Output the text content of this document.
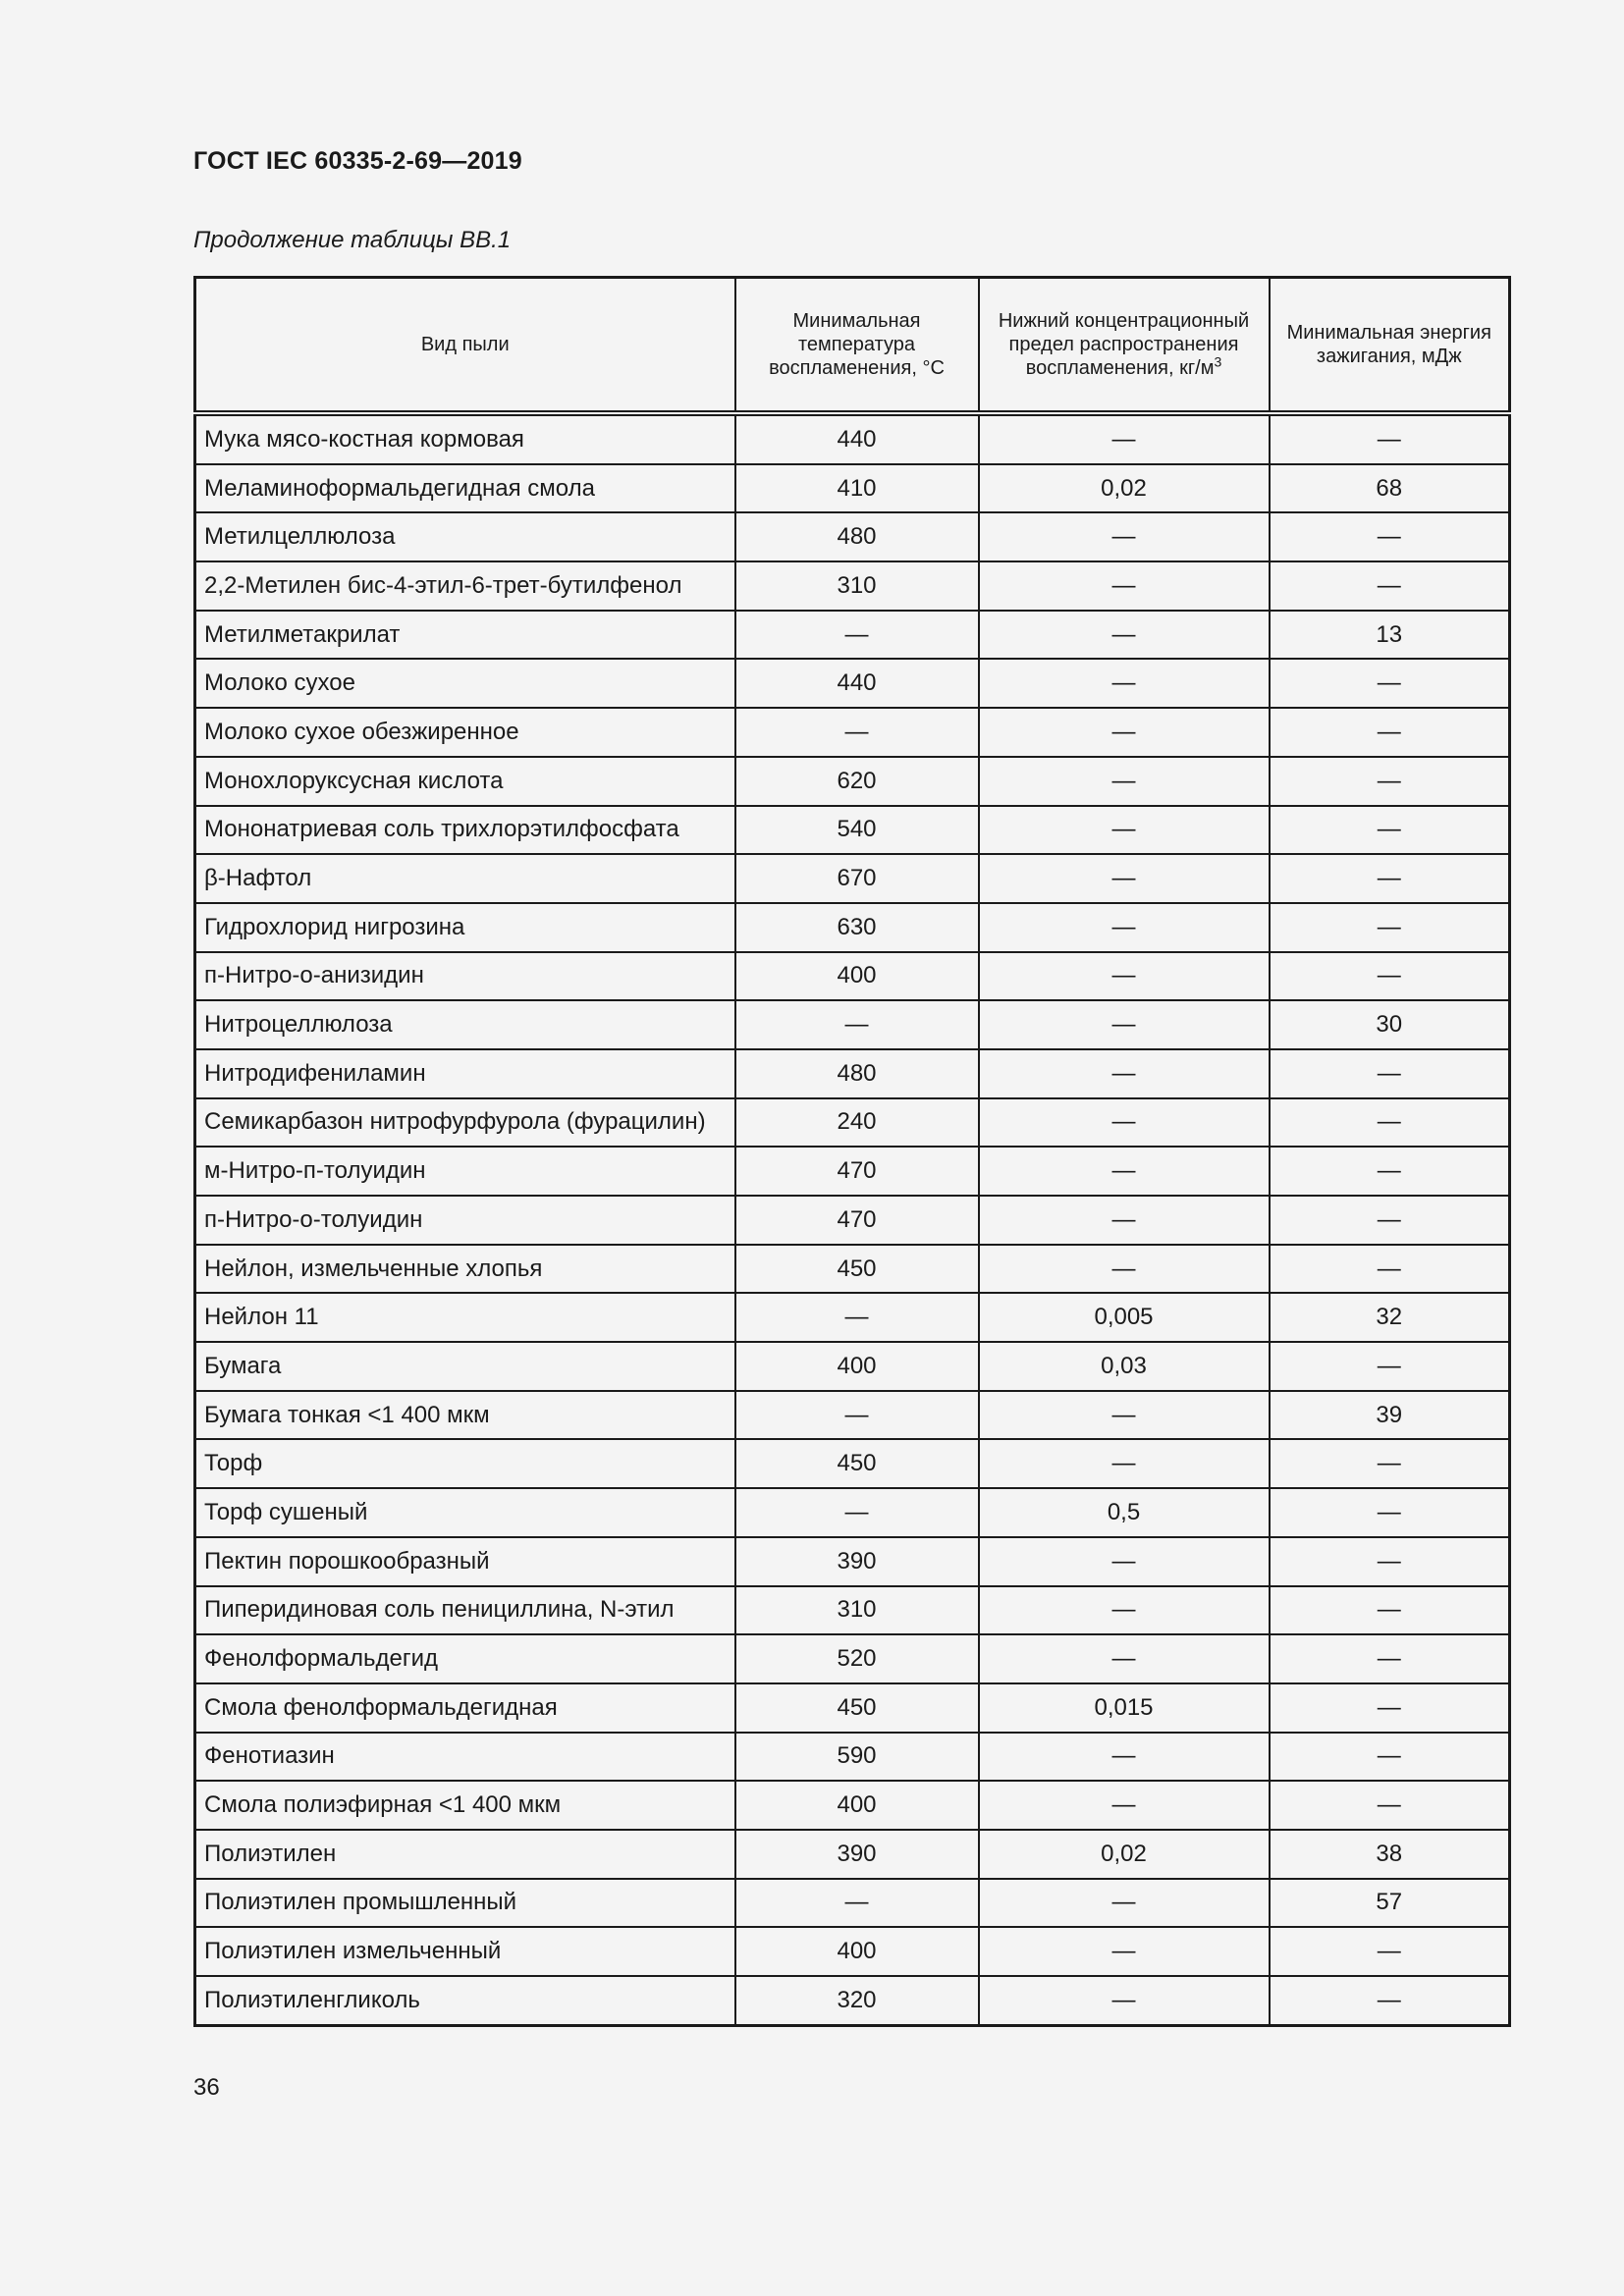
ГОСТ IEC 60335-2-69—2019
Продолжение таблицы ВВ.1
Вид пыли	Минимальная температура воспламенения, °С	Нижний концентрационный предел распространения воспламенения, $кг/м^3$	Минимальная энергия зажигания, мДж
Мука мясо-костная кормовая	440	—	—
Меламиноформальдегидная смола	410	0,02	68
Метилцеллюлоза	480	—	—
2,2-Метилен бис-4-этил-6-трет-бутилфенол	310	—	—
Метилметакрилат	—	—	13
Молоко сухое	440	—	—
Молоко сухое обезжиренное	—	—	—
Монохлоруксусная кислота	620	—	—
Мононатриевая соль трихлорэтилфосфата	540	—	—
β-Нафтол	670	—	—
Гидрохлорид нигрозина	630	—	—
п-Нитро-о-анизидин	400	—	—
Нитроцеллюлоза	—	—	30
Нитродифениламин	480	—	—
Семикарбазон нитрофурфурола (фурацилин)	240	—	—
м-Нитро-п-толуидин	470	—	—
п-Нитро-о-толуидин	470	—	—
Нейлон, измельченные хлопья	450	—	—
Нейлон 11	—	0,005	32
Бумага	400	0,03	—
Бумага тонкая <1 400 мкм	—	—	39
Торф	450	—	—
Торф сушеный	—	0,5	—
Пектин порошкообразный	390	—	—
Пиперидиновая соль пенициллина, N-этил	310	—	—
Фенолформальдегид	520	—	—
Смола фенолформальдегидная	450	0,015	—
Фенотиазин	590	—	—
Смола полиэфирная <1 400 мкм	400	—	—
Полиэтилен	390	0,02	38
Полиэтилен промышленный	—	—	57
Полиэтилен измельченный	400	—	—
Полиэтиленгликоль	320	—	—
36
